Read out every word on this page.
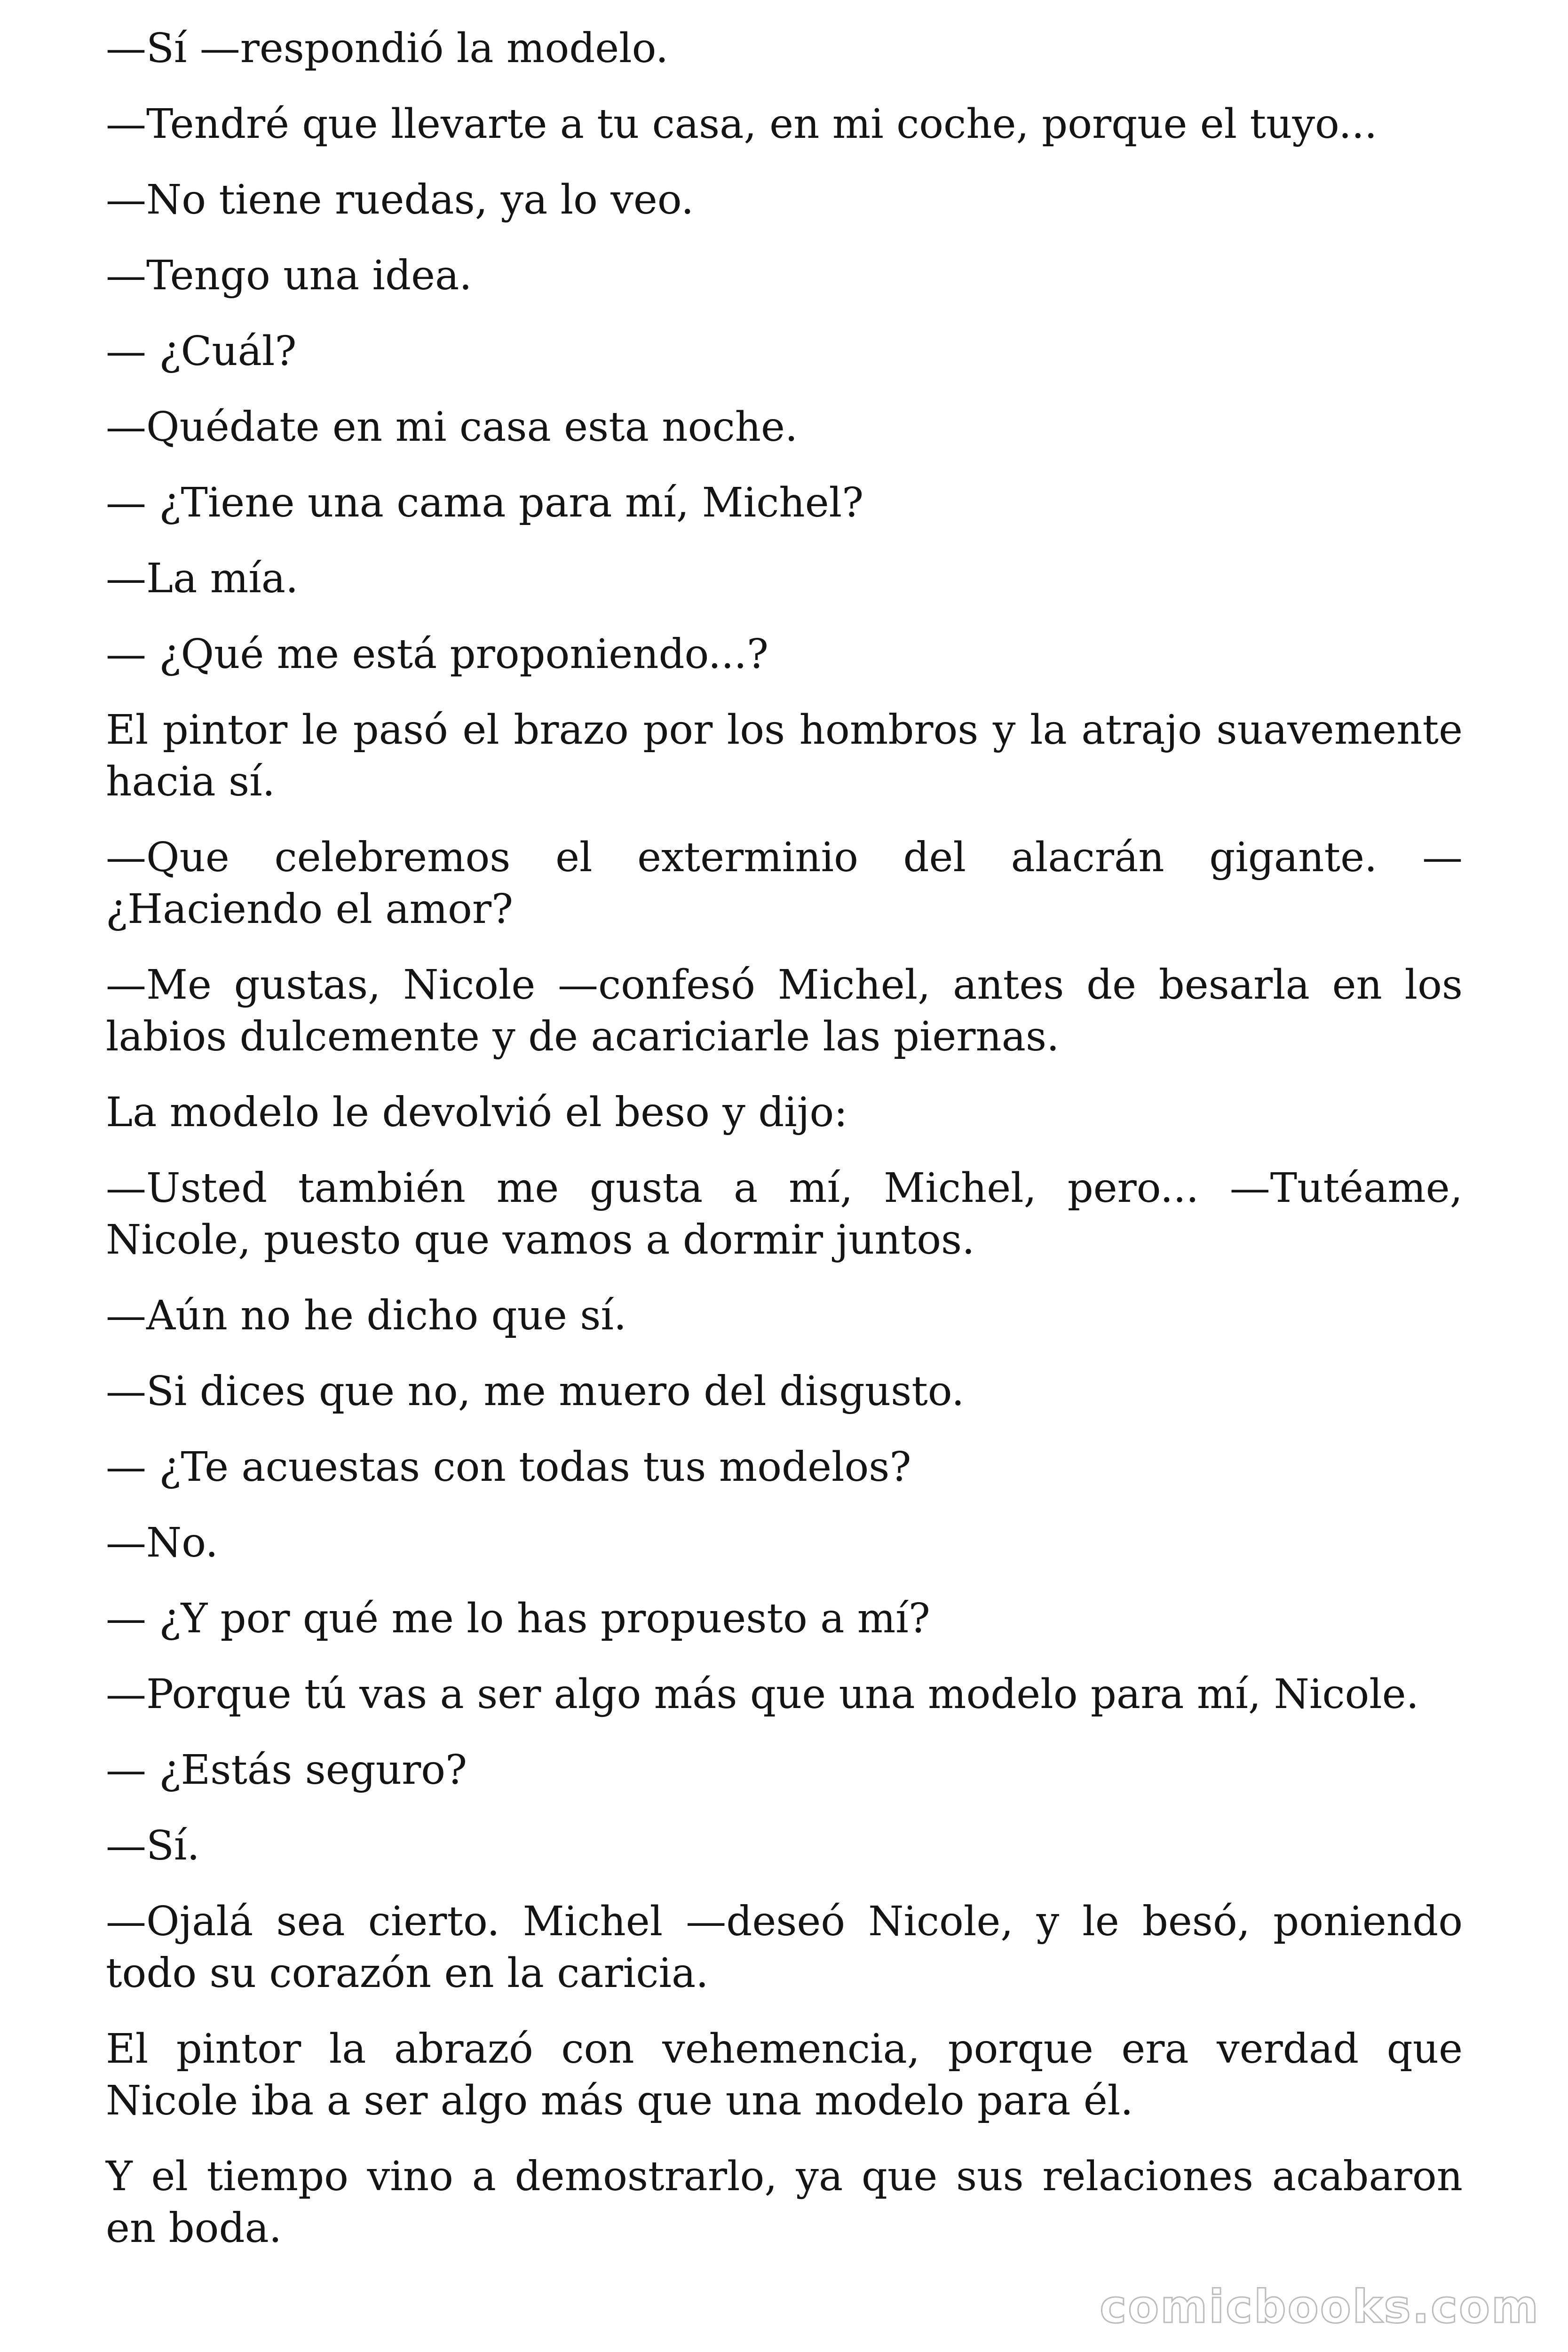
—Sí —respondió la modelo.

—Tendré que llevarte a tu casa, en mi coche, porque el tuyo...

—No tiene ruedas, ya lo veo.

—Tengo una idea.

— ¿Cuál?

—Quédate en mi casa esta noche.

— ¿Tiene una cama para mí, Michel?

—La mía.

— ¿Qué me está proponiendo...?

El pintor le pasó el brazo por los hombros y la atrajo suavemente hacia sí.

—Que celebremos el exterminio del alacrán gigante. — ¿Haciendo el amor?

—Me gustas, Nicole —confesó Michel, antes de besarla en los labios dulcemente y de acariciarle las piernas.

La modelo le devolvió el beso y dijo:

—Usted también me gusta a mí, Michel, pero... —Tutéame, Nicole, puesto que vamos a dormir juntos.

—Aún no he dicho que sí.

—Si dices que no, me muero del disgusto.

— ¿Te acuestas con todas tus modelos?

—No.

— ¿Y por qué me lo has propuesto a mí?

—Porque tú vas a ser algo más que una modelo para mí, Nicole.

— ¿Estás seguro?

—Sí.

—Ojalá sea cierto. Michel —deseó Nicole, y le besó, poniendo todo su corazón en la caricia.

El pintor la abrazó con vehemencia, porque era verdad que Nicole iba a ser algo más que una modelo para él.

Y el tiempo vino a demostrarlo, ya que sus relaciones acabaron en boda.

comicbooks.com
